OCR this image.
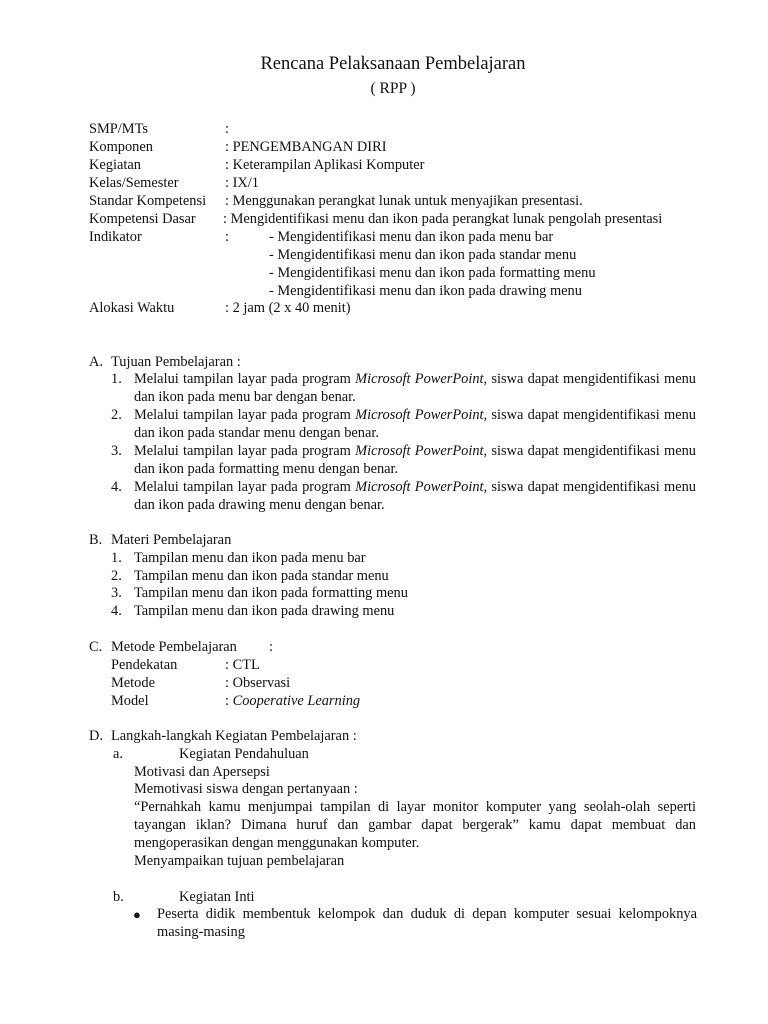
Rencana Pelaksanaan Pembelajaran
( RPP )
SMP/MTs	:
Komponen	: PENGEMBANGAN DIRI
Kegiatan	: Keterampilan Aplikasi Komputer
Kelas/Semester	: IX/1
Standar Kompetensi : Menggunakan perangkat lunak untuk menyajikan presentasi.
Kompetensi Dasar : Mengidentifikasi menu dan ikon pada perangkat lunak pengolah presentasi
Indikator	:	- Mengidentifikasi menu dan ikon pada menu bar
- Mengidentifikasi menu dan ikon pada standar menu
- Mengidentifikasi menu dan ikon pada formatting menu
- Mengidentifikasi menu dan ikon pada drawing menu
Alokasi Waktu	: 2 jam (2 x 40 menit)
A. Tujuan Pembelajaran :
1. Melalui tampilan layar pada program Microsoft PowerPoint, siswa dapat mengidentifikasi menu dan ikon pada menu bar dengan benar.
2. Melalui tampilan layar pada program Microsoft PowerPoint, siswa dapat mengidentifikasi menu dan ikon pada standar menu dengan benar.
3. Melalui tampilan layar pada program Microsoft PowerPoint, siswa dapat mengidentifikasi menu dan ikon pada formatting menu dengan benar.
4. Melalui tampilan layar pada program Microsoft PowerPoint, siswa dapat mengidentifikasi menu dan ikon pada drawing menu dengan benar.
B. Materi Pembelajaran
1. Tampilan menu dan ikon pada menu bar
2. Tampilan menu dan ikon pada standar menu
3. Tampilan menu dan ikon pada formatting menu
4. Tampilan menu dan ikon pada drawing menu
C. Metode Pembelajaran :
Pendekatan	: CTL
Metode	: Observasi
Model	: Cooperative Learning
D. Langkah-langkah Kegiatan Pembelajaran :
a.	Kegiatan Pendahuluan
Motivasi dan Apersepsi
Memotivasi siswa dengan pertanyaan :
“Pernahkah kamu menjumpai tampilan di layar monitor komputer yang seolah-olah seperti tayangan iklan? Dimana huruf dan gambar dapat bergerak” kamu dapat membuat dan mengoperasikan dengan menggunakan komputer.
Menyampaikan tujuan pembelajaran
b.	Kegiatan Inti
● Peserta didik membentuk kelompok dan duduk di depan komputer sesuai kelompoknya masing-masing
